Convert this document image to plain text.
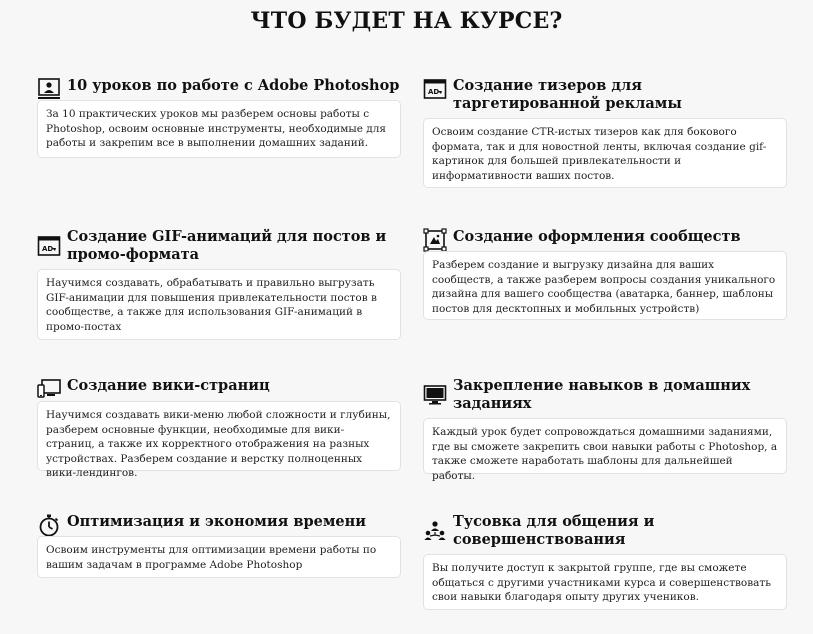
ЧТО БУДЕТ НА КУРСЕ?
10 уроков по работе с Adobe Photoshop
За 10 практических уроков мы разберем основы работы с Photoshop, освоим основные инструменты, необходимые для работы и закрепим все в выполнении домашних заданий.
AD Создание тизеров для таргетированной рекламы
Освоим создание CTR-истых тизеров как для бокового формата, так и для новостной ленты, включая создание gif-картинок для большей привлекательности и информативности ваших постов.
AD
Создание GIF-анимаций для постов и промо-формата
Научимся создавать, обрабатывать и правильно выгрузать GIF-анимации для повышения привлекательности постов в сообществе, а также для использования GIF-анимаций в промо-постах
Создание оформления сообществ
Разберем создание и выгрузку дизайна для ваших сообществ, а также разберем вопросы создания уникального дизайна для вашего сообщества (аватарка, баннер, шаблоны постов для десктопных и мобильных устройств)
Создание вики-страниц
Научимся создавать вики-меню любой сложности и глубины, разберем основные функции, необходимые для вики-страниц, а также их корректного отображения на разных устройствах. Разберем создание и верстку полноценных вики-лендингов.
Закрепление навыков в домашних заданиях
Каждый урок будет сопровождаться домашними заданиями, где вы сможете закрепить свои навыки работы с Photoshop, а также сможете наработать шаблоны для дальнейшей работы.
Оптимизация и экономия времени
Освоим инструменты для оптимизации времени работы по вашим задачам в программе Adobe Photoshop
Тусовка для общения и совершенствования
Вы получите доступ к закрытой группе, где вы сможете общаться с другими участниками курса и совершенствовать свои навыки благодаря опыту других учеников.
